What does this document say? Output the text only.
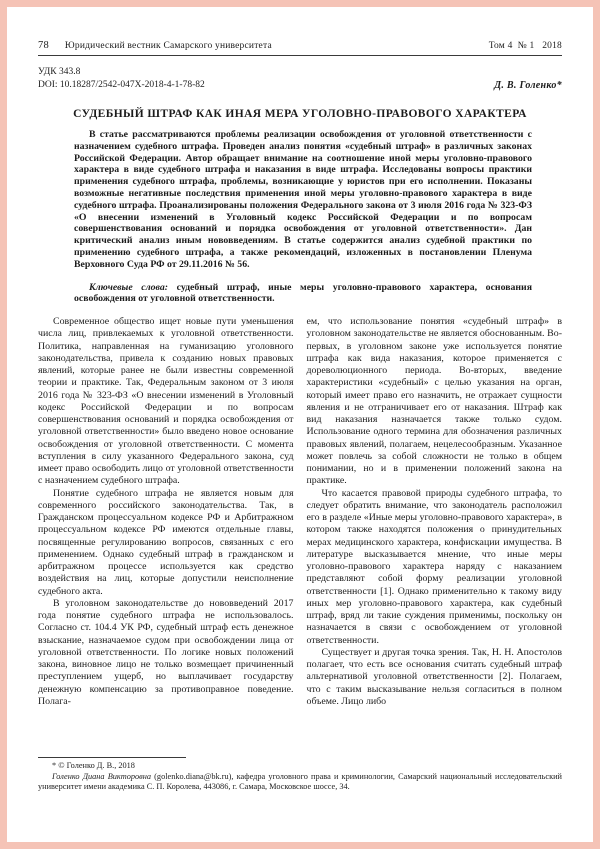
78 Юридический вестник Самарского университета	Том 4  № 1   2018
УДК 343.8
DOI: 10.18287/2542-047X-2018-4-1-78-82	Д. В. Голенко*
СУДЕБНЫЙ ШТРАФ КАК ИНАЯ МЕРА УГОЛОВНО-ПРАВОВОГО ХАРАКТЕРА

В статье рассматриваются проблемы реализации освобождения от уголовной ответственности с назначением судебного штрафа. Проведен анализ понятия «судебный штраф» в различных законах Российской Федерации. Автор обращает внимание на соотношение иной меры уголовно-правового характера в виде судебного штрафа и наказания в виде штрафа. Исследованы вопросы практики применения судебного штрафа, проблемы, возникающие у юристов при его исполнении. Показаны возможные негативные последствия применения иной меры уголовно-правового характера в виде судебного штрафа. Проанализированы положения Федерального закона от 3 июля 2016 года № 323-ФЗ «О внесении изменений в Уголовный кодекс Российской Федерации и по вопросам совершенствования оснований и порядка освобождения от уголовной ответственности». Дан критический анализ иным нововведениям. В статье содержится анализ судебной практики по применению судебного штрафа, а также рекомендаций, изложенных в постановлении Пленума Верховного Суда РФ от 29.11.2016 № 56.

Ключевые слова: судебный штраф, иные меры уголовно-правового характера, основания освобождения от уголовной ответственности.

Современное общество ищет новые пути уменьшения числа лиц, привлекаемых к уголовной ответственности. Политика, направленная на гуманизацию уголовного законодательства, привела к созданию новых правовых явлений, которые ранее не были известны современной теории и практике. Так, Федеральным законом от 3 июля 2016 года № 323-ФЗ «О внесении изменений в Уголовный кодекс Российской Федерации и по вопросам совершенствования оснований и порядка освобождения от уголовной ответственности» было введено новое основание освобождения от уголовной ответственности. С момента вступления в силу указанного Федерального закона, суд имеет право освободить лицо от уголовной ответственности с назначением судебного штрафа.

Понятие судебного штрафа не является новым для современного российского законодательства. Так, в Гражданском процессуальном кодексе РФ и Арбитражном процессуальном кодексе РФ имеются отдельные главы, посвященные регулированию вопросов, связанных с его применением. Однако судебный штраф в гражданском и арбитражном процессе используется как средство воздействия на лиц, которые допустили неисполнение судебного акта.

В уголовном законодательстве до нововведений 2017 года понятие судебного штрафа не использовалось. Согласно ст. 104.4 УК РФ, судебный штраф есть денежное взыскание, назначаемое судом при освобождении лица от уголовной ответственности. По логике новых положений закона, виновное лицо не только возмещает причиненный преступлением ущерб, но выплачивает государству денежную компенсацию за противоправное поведение. Полага-

ем, что использование понятия «судебный штраф» в уголовном законодательстве не является обоснованным. Во-первых, в уголовном законе уже используется понятие штрафа как вида наказания, которое применяется с дореволюционного периода. Во-вторых, введение характеристики «судебный» с целью указания на орган, который имеет право его назначить, не отражает сущности явления и не отграничивает его от наказания. Штраф как вид наказания назначается также только судом. Использование одного термина для обозначения различных правовых явлений, полагаем, нецелесообразным. Указанное может повлечь за собой сложности не только в общем понимании, но и в применении положений закона на практике.

Что касается правовой природы судебного штрафа, то следует обратить внимание, что законодатель расположил его в разделе «Иные меры уголовно-правового характера», в котором также находятся положения о принудительных мерах медицинского характера, конфискации имущества. В литературе высказывается мнение, что иные меры уголовно-правового характера наряду с наказанием представляют собой форму реализации уголовной ответственности [1]. Однако применительно к такому виду иных мер уголовно-правового характера, как судебный штраф, вряд ли такие суждения применимы, поскольку он назначается в связи с освобождением от уголовной ответственности.

Существует и другая точка зрения. Так, Н. Н. Апостолов полагает, что есть все основания считать судебный штраф альтернативой уголовной ответственности [2]. Полагаем, что с таким высказывание нельзя согласиться в полном объеме. Лицо либо

* © Голенко Д. В., 2018

Голенко Диана Викторовна (golenko.diana@bk.ru), кафедра уголовного права и криминологии, Самарский национальный исследовательский университет имени академика С. П. Королева, 443086, г. Самара, Московское шоссе, 34.
